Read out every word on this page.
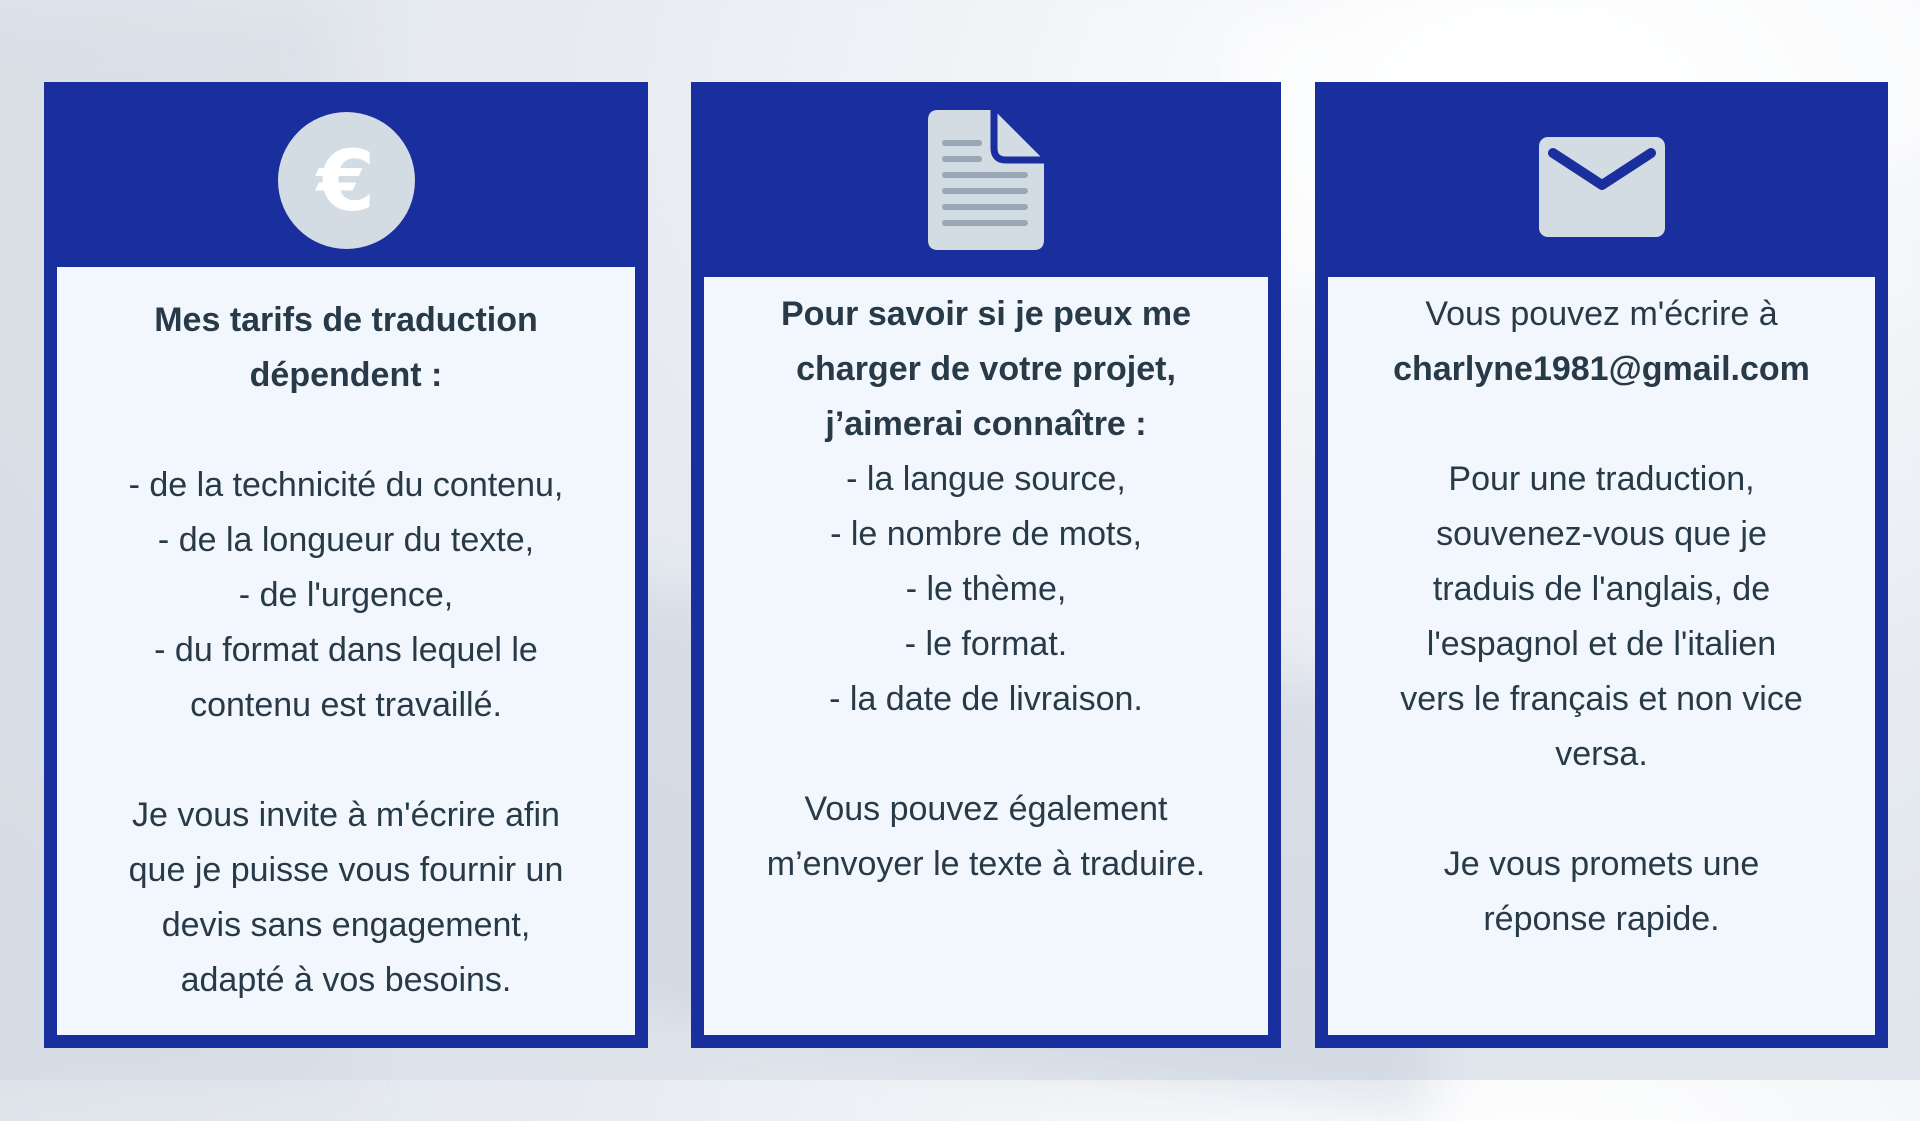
€
Mes tarifs de traduction
dépendent :
- de la technicité du contenu,
- de la longueur du texte,
- de l'urgence,
- du format dans lequel le
contenu est travaillé.
Je vous invite à m'écrire afin
que je puisse vous fournir un
devis sans engagement,
adapté à vos besoins.
Pour savoir si je peux me
charger de votre projet,
j’aimerai connaître :
- la langue source,
- le nombre de mots,
- le thème,
- le format.
- la date de livraison.
Vous pouvez également
m’envoyer le texte à traduire.
Vous pouvez m'écrire à
charlyne1981@gmail.com
Pour une traduction,
souvenez-vous que je
traduis de l'anglais, de
l'espagnol et de l'italien
vers le français et non vice
versa.
Je vous promets une
réponse rapide.
